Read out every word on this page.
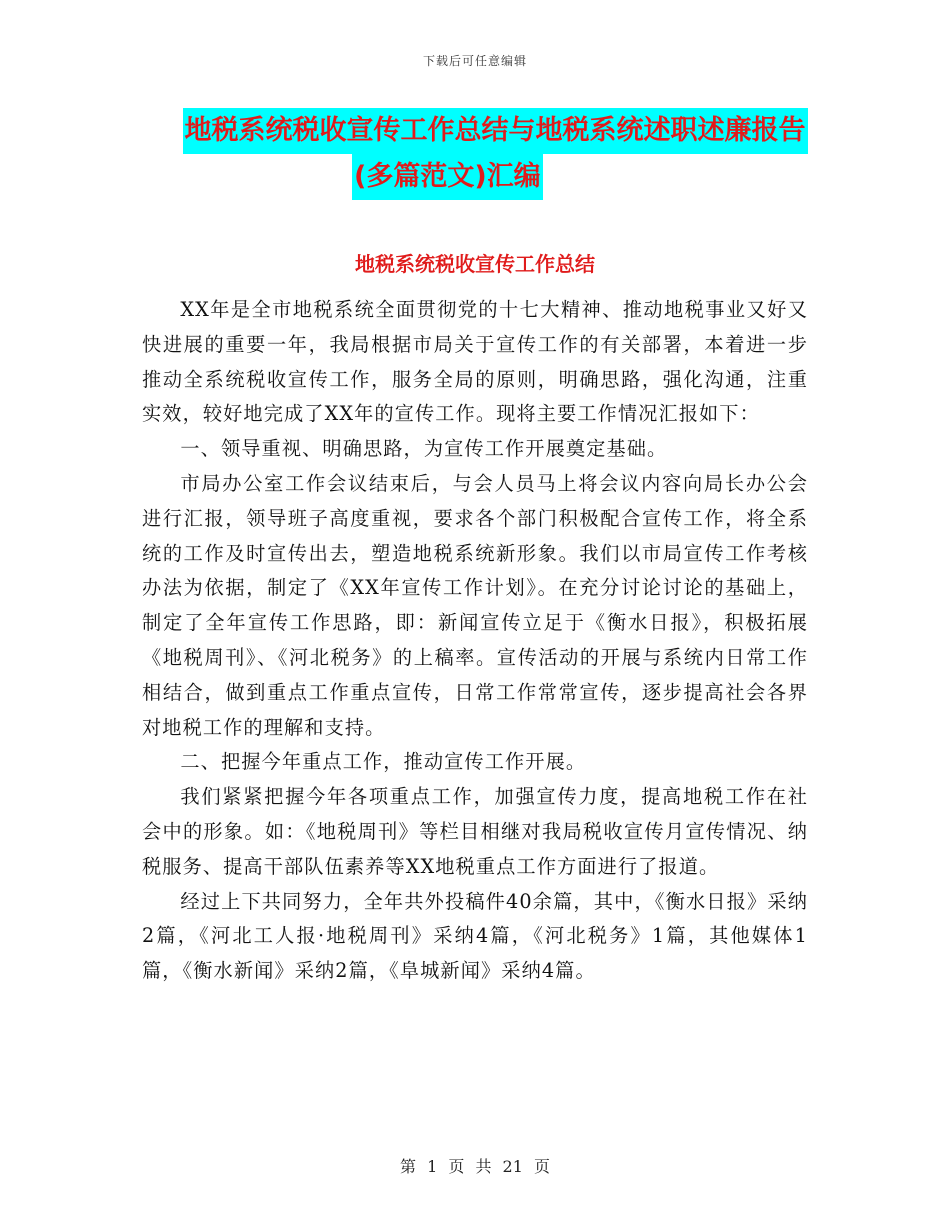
下载后可任意编辑
地税系统税收宣传工作总结与地税系统述职述廉报告
(多篇范文)汇编
地税系统税收宣传工作总结

XX年是全市地税系统全面贯彻党的十七大精神、推动地税事业又好又快进展的重要一年，我局根据市局关于宣传工作的有关部署，本着进一步推动全系统税收宣传工作，服务全局的原则，明确思路，强化沟通，注重实效，较好地完成了XX年的宣传工作。现将主要工作情况汇报如下：

一、领导重视、明确思路，为宣传工作开展奠定基础。

市局办公室工作会议结束后，与会人员马上将会议内容向局长办公会进行汇报，领导班子高度重视，要求各个部门积极配合宣传工作，将全系统的工作及时宣传出去，塑造地税系统新形象。我们以市局宣传工作考核办法为依据，制定了《XX年宣传工作计划》。在充分讨论讨论的基础上，制定了全年宣传工作思路，即：新闻宣传立足于《衡水日报》，积极拓展《地税周刊》、《河北税务》的上稿率。宣传活动的开展与系统内日常工作相结合，做到重点工作重点宣传，日常工作常常宣传，逐步提高社会各界对地税工作的理解和支持。

二、把握今年重点工作，推动宣传工作开展。

我们紧紧把握今年各项重点工作，加强宣传力度，提高地税工作在社会中的形象。如：《地税周刊》等栏目相继对我局税收宣传月宣传情况、纳税服务、提高干部队伍素养等XX地税重点工作方面进行了报道。

经过上下共同努力，全年共外投稿件40余篇，其中，《衡水日报》采纳2篇，《河北工人报·地税周刊》采纳4篇，《河北税务》1篇，其他媒体1篇，《衡水新闻》采纳2篇，《阜城新闻》采纳4篇。

第 1 页 共 21 页
